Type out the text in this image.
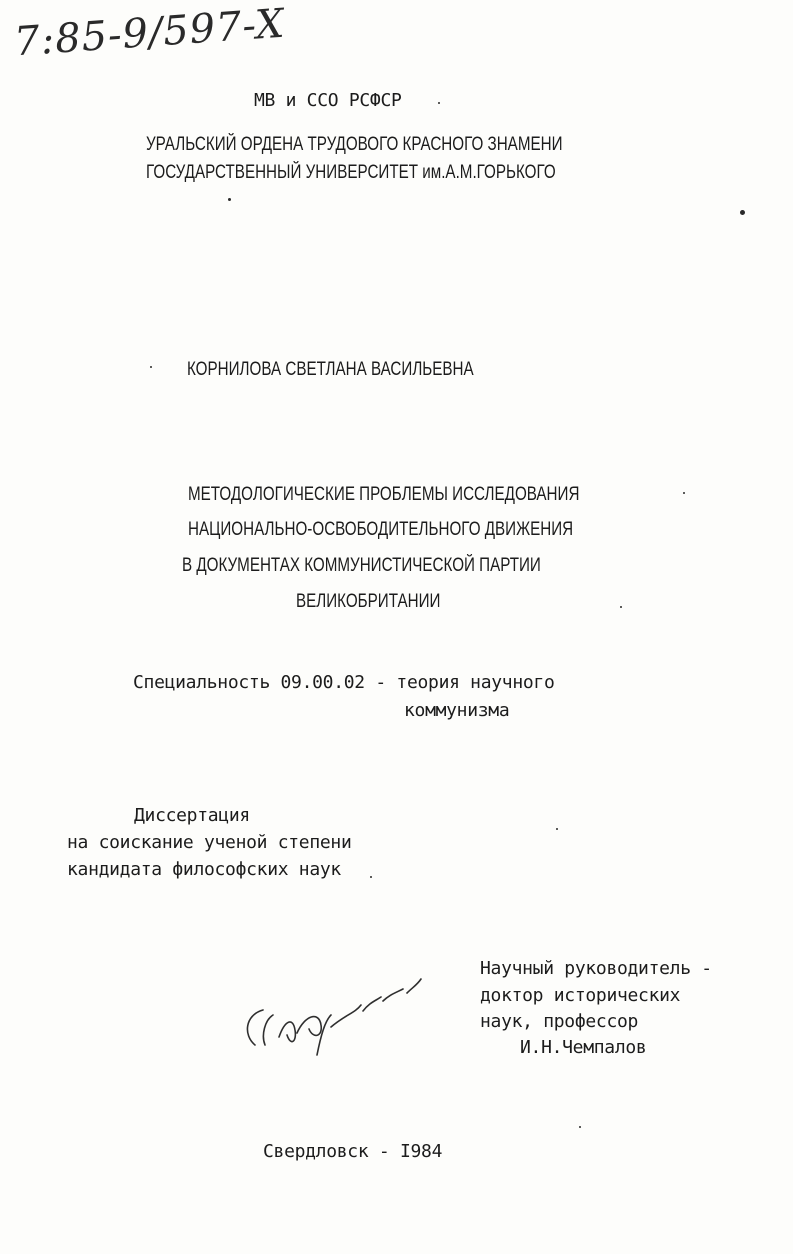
7:85-9/597-X
МВ и ССО РСФСР
УРАЛЬСКИЙ ОРДЕНА ТРУДОВОГО КРАСНОГО ЗНАМЕНИ
ГОСУДАРСТВЕННЫЙ УНИВЕРСИТЕТ им.А.М.ГОРЬКОГО
КОРНИЛОВА СВЕТЛАНА ВАСИЛЬЕВНА
МЕТОДОЛОГИЧЕСКИЕ ПРОБЛЕМЫ ИССЛЕДОВАНИЯ
НАЦИОНАЛЬНО-ОСВОБОДИТЕЛЬНОГО ДВИЖЕНИЯ
В ДОКУМЕНТАХ КОММУНИСТИЧЕСКОЙ ПАРТИИ
ВЕЛИКОБРИТАНИИ
Специальность 09.00.02 - теория научного
коммунизма
Диссертация
на соискание ученой степени
кандидата философских наук
Научный руководитель -
доктор исторических
наук, профессор
И.Н.Чемпалов
Свердловск - I984
